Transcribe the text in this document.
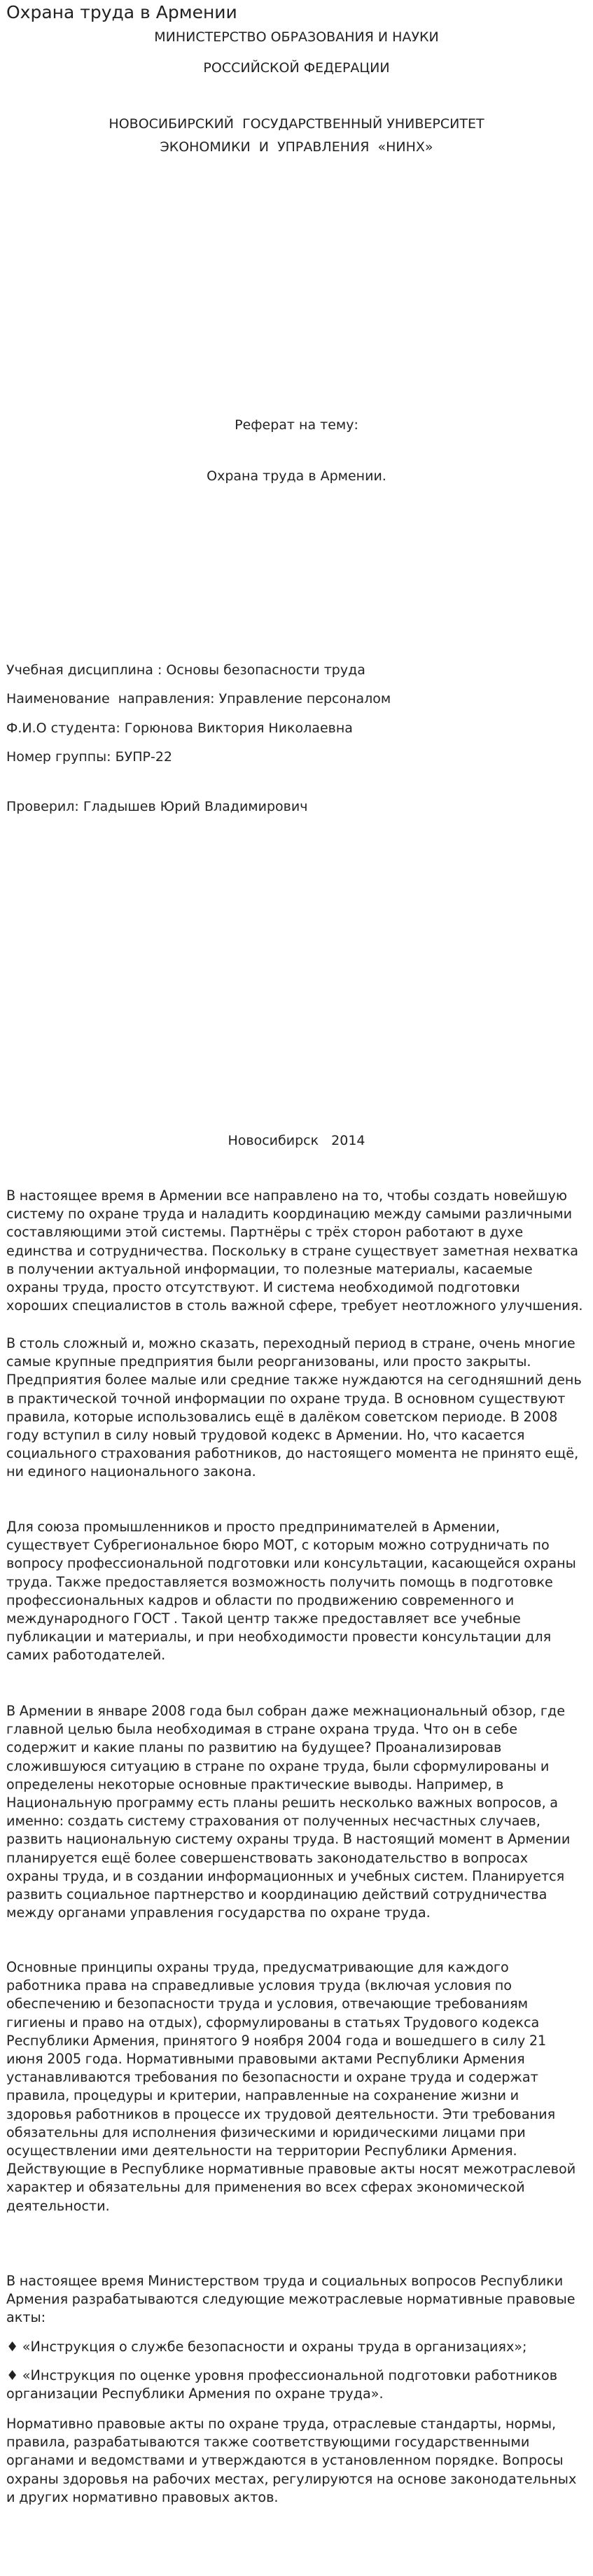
Охрана труда в Армении
МИНИСТЕРСТВО ОБРАЗОВАНИЯ И НАУКИ
РОССИЙСКОЙ ФЕДЕРАЦИИ
НОВОСИБИРСКИЙ  ГОСУДАРСТВЕННЫЙ УНИВЕРСИТЕТ
ЭКОНОМИКИ  И  УПРАВЛЕНИЯ  «НИНХ»
Реферат на тему:
Охрана труда в Армении.
Учебная дисциплина : Основы безопасности труда
Наименование  направления: Управление персоналом
Ф.И.О студента: Горюнова Виктория Николаевна
Номер группы: БУПР-22
Проверил: Гладышев Юрий Владимирович
Новосибирск   2014
В настоящее время в Армении все направлено на то, чтобы создать новейшую систему по охране труда и наладить координацию между самыми различными составляющими этой системы. Партнёры с трёх сторон работают в духе единства и сотрудничества. Поскольку в стране существует заметная нехватка в получении актуальной информации, то полезные материалы, касаемые охраны труда, просто отсутствуют. И система необходимой подготовки хороших специалистов в столь важной сфере, требует неотложного улучшения.
В столь сложный и, можно сказать, переходный период в стране, очень многие самые крупные предприятия были реорганизованы, или просто закрыты. Предприятия более малые или средние также нуждаются на сегодняшний день в практической точной информации по охране труда. В основном существуют правила, которые использовались ещё в далёком советском периоде. В 2008 году вступил в силу новый трудовой кодекс в Армении. Но, что касается социального страхования работников, до настоящего момента не принято ещё, ни единого национального закона.
Для союза промышленников и просто предпринимателей в Армении, существует Субрегиональное бюро МОТ, с которым можно сотрудничать по вопросу профессиональной подготовки или консультации, касающейся охраны труда. Также предоставляется возможность получить помощь в подготовке профессиональных кадров и области по продвижению современного и международного ГОСТ . Такой центр также предоставляет все учебные публикации и материалы, и при необходимости провести консультации для самих работодателей.
В Армении в январе 2008 года был собран даже межнациональный обзор, где главной целью была необходимая в стране охрана труда. Что он в себе содержит и какие планы по развитию на будущее? Проанализировав сложившуюся ситуацию в стране по охране труда, были сформулированы и определены некоторые основные практические выводы. Например, в Национальную программу есть планы решить несколько важных вопросов, а именно: создать систему страхования от полученных несчастных случаев, развить национальную систему охраны труда. В настоящий момент в Армении планируется ещё более совершенствовать законодательство в вопросах охраны труда, и в создании информационных и учебных систем. Планируется развить социальное партнерство и координацию действий сотрудничества между органами управления государства по охране труда.
Основные принципы охраны труда, предусматривающие для каждого работника права на справедливые условия труда (включая условия по обеспечению и безопасности труда и условия, отвечающие требованиям гигиены и право на отдых), сформулированы в статьях Трудового кодекса Республики Армения, принятого 9 ноября 2004 года и вошедшего в силу 21 июня 2005 года. Нормативными правовыми актами Республики Армения устанавливаются требования по безопасности и охране труда и содержат правила, процедуры и критерии, направленные на сохранение жизни и здоровья работников в процессе их трудовой деятельности. Эти требования обязательны для исполнения физическими и юридическими лицами при осуществлении ими деятельности на территории Республики Армения. Действующие в Республике нормативные правовые акты носят межотраслевой характер и обязательны для применения во всех сферах экономической деятельности.
В настоящее время Министерством труда и социальных вопросов Республики Армения разрабатываются следующие межотраслевые нормативные правовые акты:
♦ «Инструкция о службе безопасности и охраны труда в организациях»;
♦ «Инструкция по оценке уровня профессиональной подготовки работников организации Республики Армения по охране труда».
Нормативно правовые акты по охране труда, отраслевые стандарты, нормы, правила, разрабатываются также соответствующими государственными органами и ведомствами и утверждаются в установленном порядке. Вопросы охраны здоровья на рабочих местах, регулируются на основе законодательных и других нормативно правовых актов.
